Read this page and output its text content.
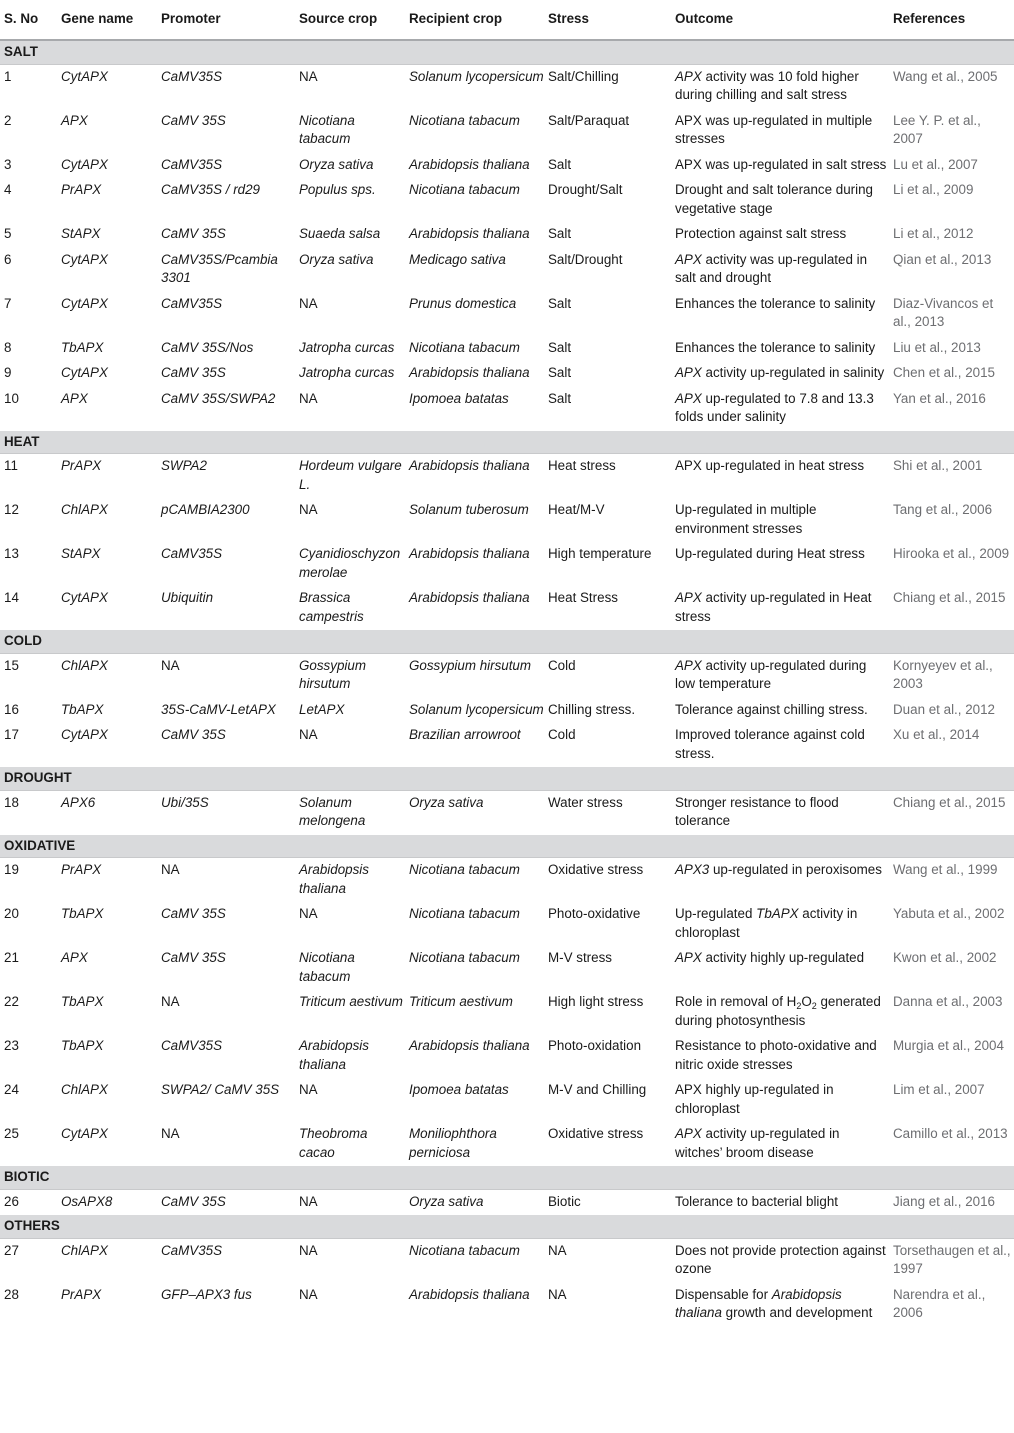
S. No	Gene name	Promoter	Source crop	Recipient crop	Stress	Outcome	References
SALT							
1	CytAPX	CaMV35S	NA	Solanum lycopersicum	Salt/Chilling	APX activity was 10 fold higher during chilling and salt stress	Wang et al., 2005
2	APX	CaMV 35S	Nicotiana tabacum	Nicotiana tabacum	Salt/Paraquat	APX was up-regulated in multiple stresses	Lee Y. P. et al., 2007
3	CytAPX	CaMV35S	Oryza sativa	Arabidopsis thaliana	Salt	APX was up-regulated in salt stress	Lu et al., 2007
4	PrAPX	CaMV35S / rd29	Populus sps.	Nicotiana tabacum	Drought/Salt	Drought and salt tolerance during vegetative stage	Li et al., 2009
5	StAPX	CaMV 35S	Suaeda salsa	Arabidopsis thaliana	Salt	Protection against salt stress	Li et al., 2012
6	CytAPX	CaMV35S/Pcambia 3301	Oryza sativa	Medicago sativa	Salt/Drought	APX activity was up-regulated in salt and drought	Qian et al., 2013
7	CytAPX	CaMV35S	NA	Prunus domestica	Salt	Enhances the tolerance to salinity	Diaz-Vivancos et al., 2013
8	TbAPX	CaMV 35S/Nos	Jatropha curcas	Nicotiana tabacum	Salt	Enhances the tolerance to salinity	Liu et al., 2013
9	CytAPX	CaMV 35S	Jatropha curcas	Arabidopsis thaliana	Salt	APX activity up-regulated in salinity	Chen et al., 2015
10	APX	CaMV 35S/SWPA2	NA	Ipomoea batatas	Salt	APX up-regulated to 7.8 and 13.3 folds under salinity	Yan et al., 2016
HEAT							
11	PrAPX	SWPA2	Hordeum vulgare L.	Arabidopsis thaliana	Heat stress	APX up-regulated in heat stress	Shi et al., 2001
12	ChlAPX	pCAMBIA2300	NA	Solanum tuberosum	Heat/M-V	Up-regulated in multiple environment stresses	Tang et al., 2006
13	StAPX	CaMV35S	Cyanidioschyzon merolae	Arabidopsis thaliana	High temperature	Up-regulated during Heat stress	Hirooka et al., 2009
14	CytAPX	Ubiquitin	Brassica campestris	Arabidopsis thaliana	Heat Stress	APX activity up-regulated in Heat stress	Chiang et al., 2015
COLD							
15	ChlAPX	NA	Gossypium hirsutum	Gossypium hirsutum	Cold	APX activity up-regulated during low temperature	Kornyeyev et al., 2003
16	TbAPX	35S-CaMV-LetAPX	LetAPX	Solanum lycopersicum	Chilling stress.	Tolerance against chilling stress.	Duan et al., 2012
17	CytAPX	CaMV 35S	NA	Brazilian arrowroot	Cold	Improved tolerance against cold stress.	Xu et al., 2014
DROUGHT							
18	APX6	Ubi/35S	Solanum melongena	Oryza sativa	Water stress	Stronger resistance to flood tolerance	Chiang et al., 2015
OXIDATIVE							
19	PrAPX	NA	Arabidopsis thaliana	Nicotiana tabacum	Oxidative stress	APX3 up-regulated in peroxisomes	Wang et al., 1999
20	TbAPX	CaMV 35S	NA	Nicotiana tabacum	Photo-oxidative	Up-regulated TbAPX activity in chloroplast	Yabuta et al., 2002
21	APX	CaMV 35S	Nicotiana tabacum	Nicotiana tabacum	M-V stress	APX activity highly up-regulated	Kwon et al., 2002
22	TbAPX	NA	Triticum aestivum	Triticum aestivum	High light stress	Role in removal of $H_2O_2$ generated during photosynthesis	Danna et al., 2003
23	TbAPX	CaMV35S	Arabidopsis thaliana	Arabidopsis thaliana	Photo-oxidation	Resistance to photo-oxidative and nitric oxide stresses	Murgia et al., 2004
24	ChlAPX	SWPA2/ CaMV 35S	NA	Ipomoea batatas	M-V and Chilling	APX highly up-regulated in chloroplast	Lim et al., 2007
25	CytAPX	NA	Theobroma cacao	Moniliophthora perniciosa	Oxidative stress	APX activity up-regulated in witches’ broom disease	Camillo et al., 2013
BIOTIC							
26	OsAPX8	CaMV 35S	NA	Oryza sativa	Biotic	Tolerance to bacterial blight	Jiang et al., 2016
OTHERS							
27	ChlAPX	CaMV35S	NA	Nicotiana tabacum	NA	Does not provide protection against ozone	Torsethaugen et al., 1997
28	PrAPX	GFP–APX3 fus	NA	Arabidopsis thaliana	NA	Dispensable for Arabidopsis thaliana growth and development	Narendra et al., 2006
